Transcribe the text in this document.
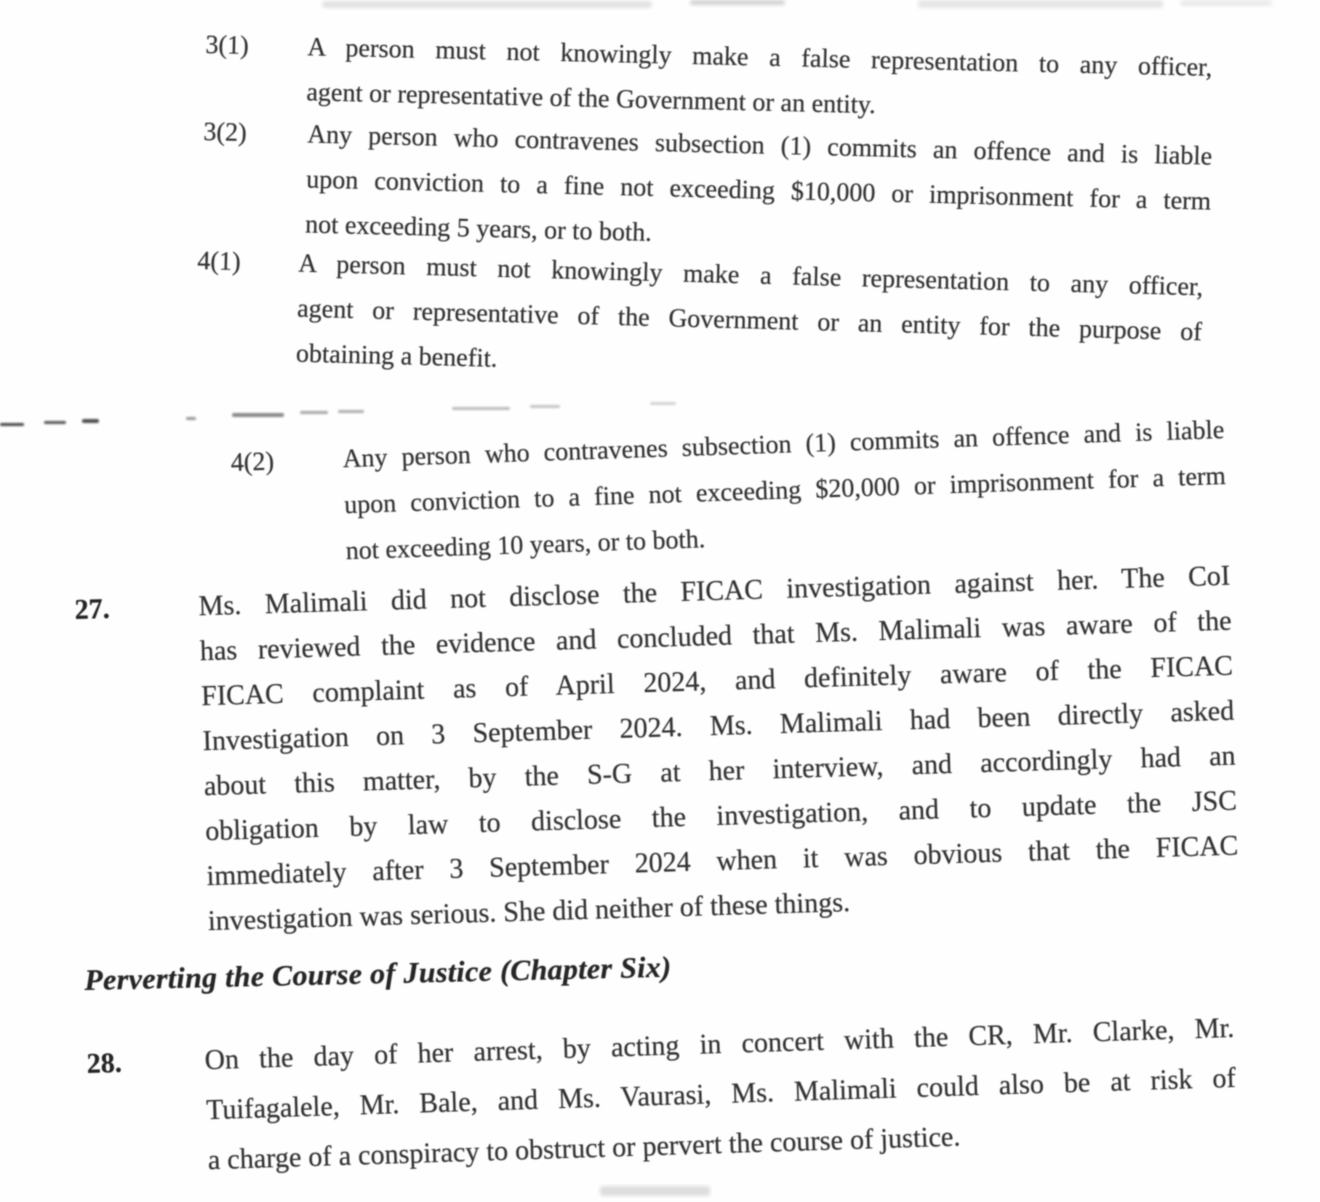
3(1)	A person must not knowingly make a false representation to any officer,
agent or representative of the Government or an entity.
3(2)	Any person who contravenes subsection (1) commits an offence and is liable
upon conviction to a fine not exceeding $10,000 or imprisonment for a term
not exceeding 5 years, or to both.
4(1)	A person must not knowingly make a false representation to any officer,
agent or representative of the Government or an entity for the purpose of
obtaining a benefit.
4(2)	Any person who contravenes subsection (1) commits an offence and is liable
upon conviction to a fine not exceeding $20,000 or imprisonment for a term
not exceeding 10 years, or to both.
27.	Ms. Malimali did not disclose the FICAC investigation against her. The CoI
has reviewed the evidence and concluded that Ms. Malimali was aware of the
FICAC complaint as of April 2024, and definitely aware of the FICAC
Investigation on 3 September 2024. Ms. Malimali had been directly asked
about this matter, by the S-G at her interview, and accordingly had an
obligation by law to disclose the investigation, and to update the JSC
immediately after 3 September 2024 when it was obvious that the FICAC
investigation was serious. She did neither of these things.
Perverting the Course of Justice (Chapter Six)
28.	On the day of her arrest, by acting in concert with the CR, Mr. Clarke, Mr.
Tuifagalele, Mr. Bale, and Ms. Vaurasi, Ms. Malimali could also be at risk of
a charge of a conspiracy to obstruct or pervert the course of justice.
